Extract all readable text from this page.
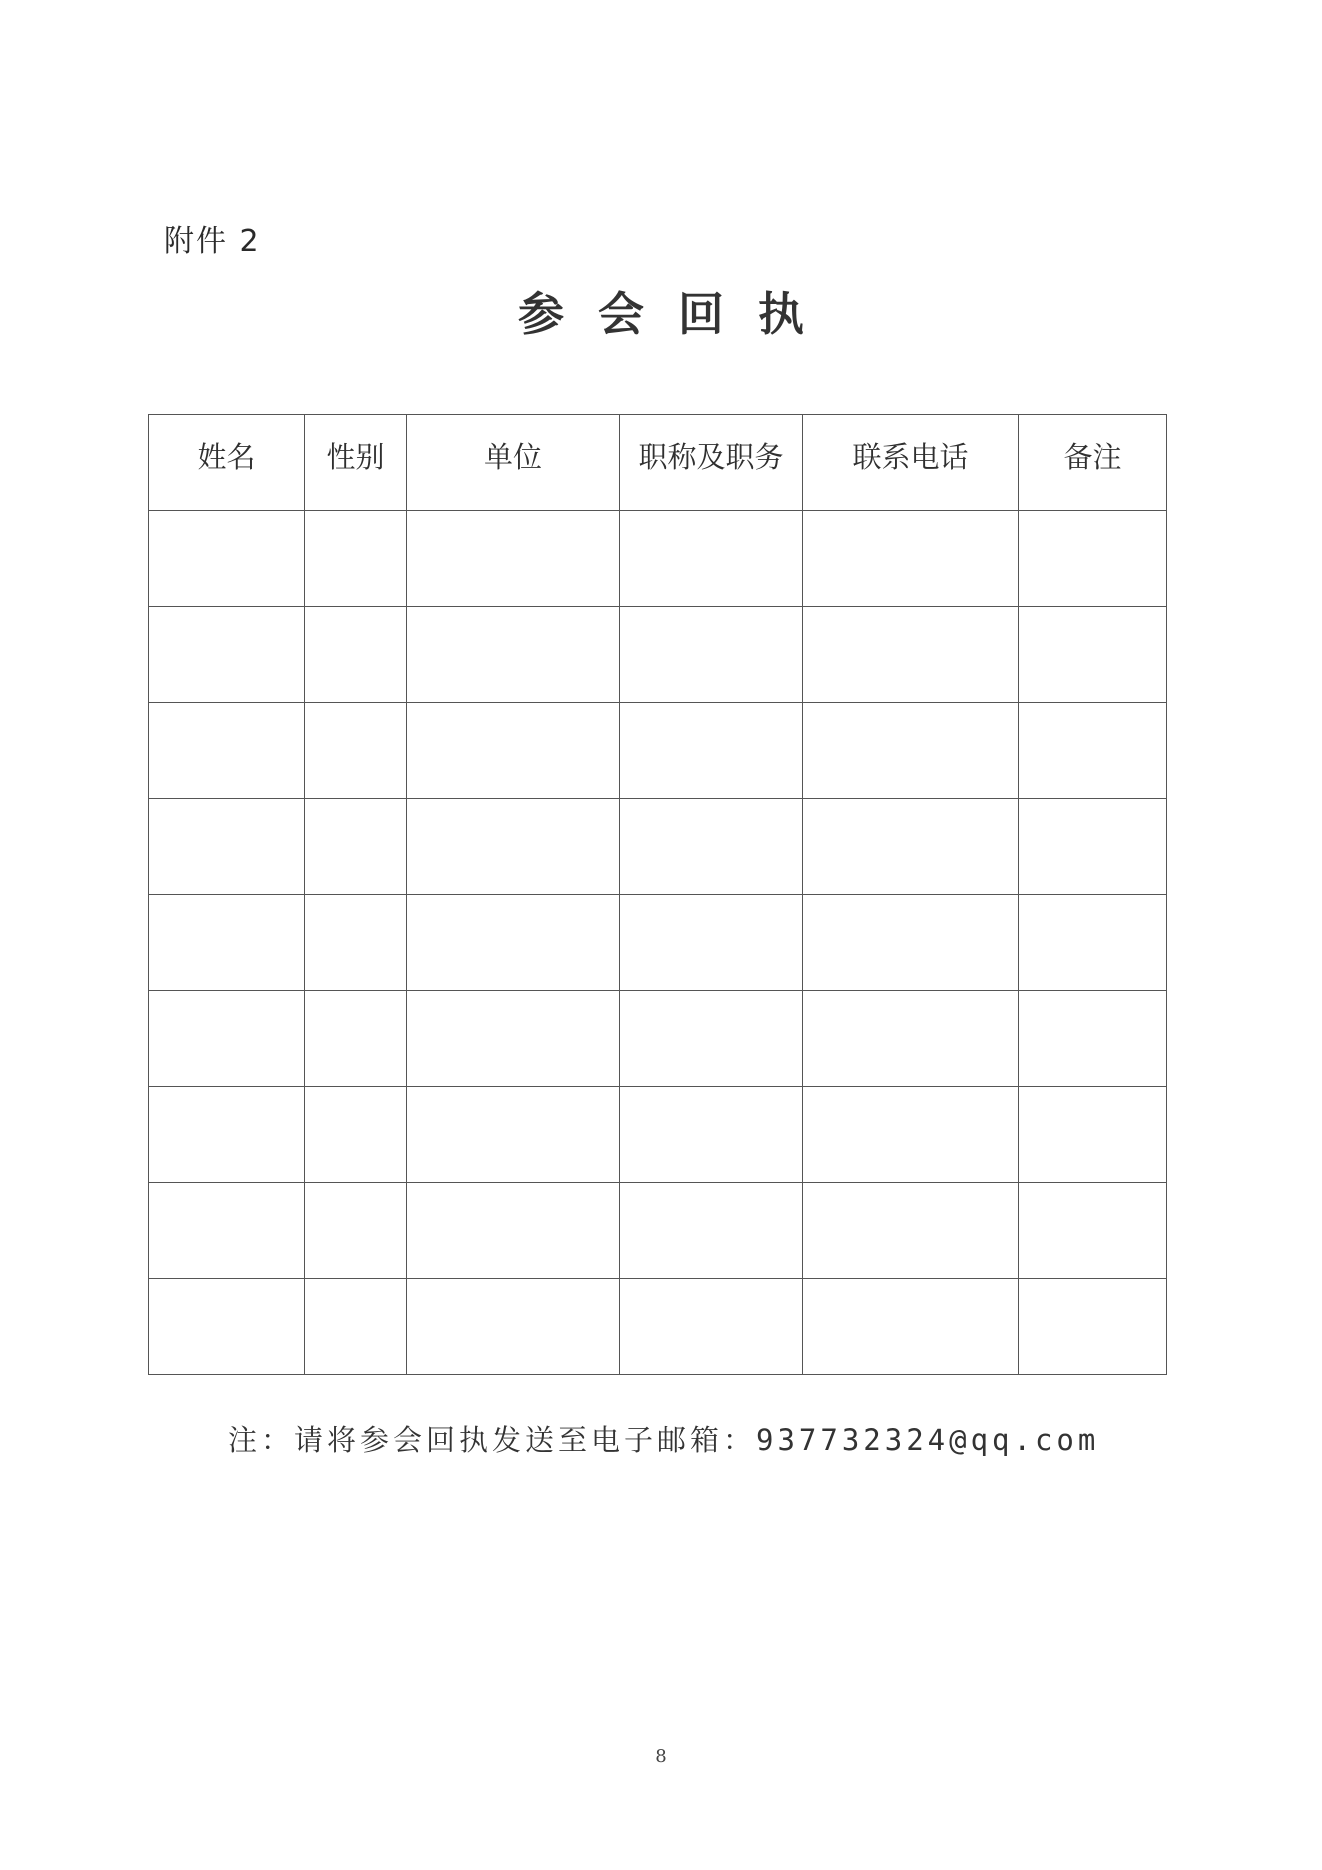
附件 2
参会回执
姓名	性别	单位	职称及职务	联系电话	备注

注：请将参会回执发送至电子邮箱：937732324@qq.com
8
